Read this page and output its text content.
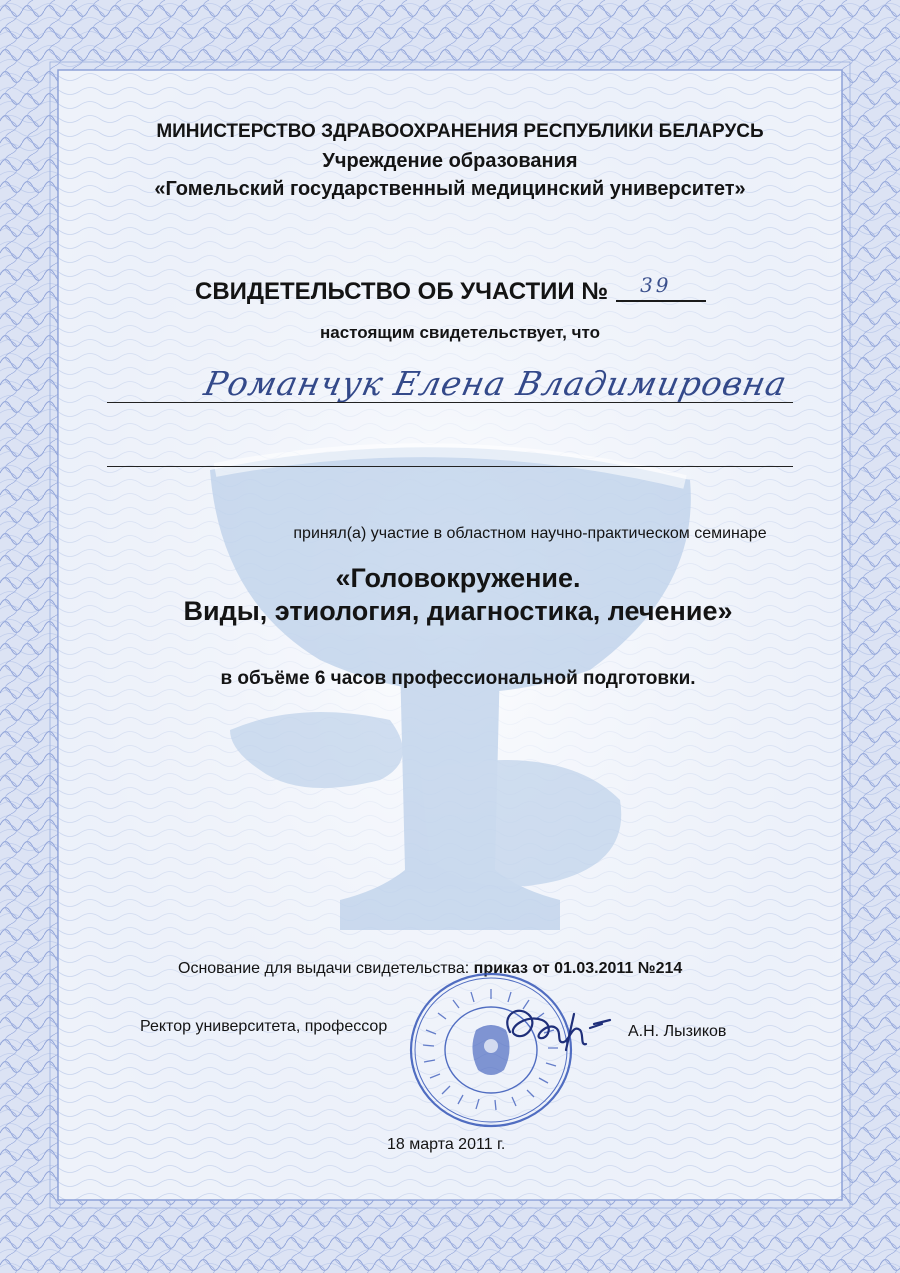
МИНИСТЕРСТВО ЗДРАВООХРАНЕНИЯ РЕСПУБЛИКИ БЕЛАРУСЬ
Учреждение образования
«Гомельский государственный медицинский университет»
СВИДЕТЕЛЬСТВО ОБ УЧАСТИИ № 39
настоящим свидетельствует, что
Романчук Елена Владимировна
принял(а) участие в областном научно-практическом семинаре
«Головокружение.
Виды, этиология, диагностика, лечение»
в объёме 6 часов профессиональной подготовки.
Основание для выдачи свидетельства: приказ от 01.03.2011 №214
Ректор университета, профессор	А.Н. Лызиков
18 марта 2011 г.
